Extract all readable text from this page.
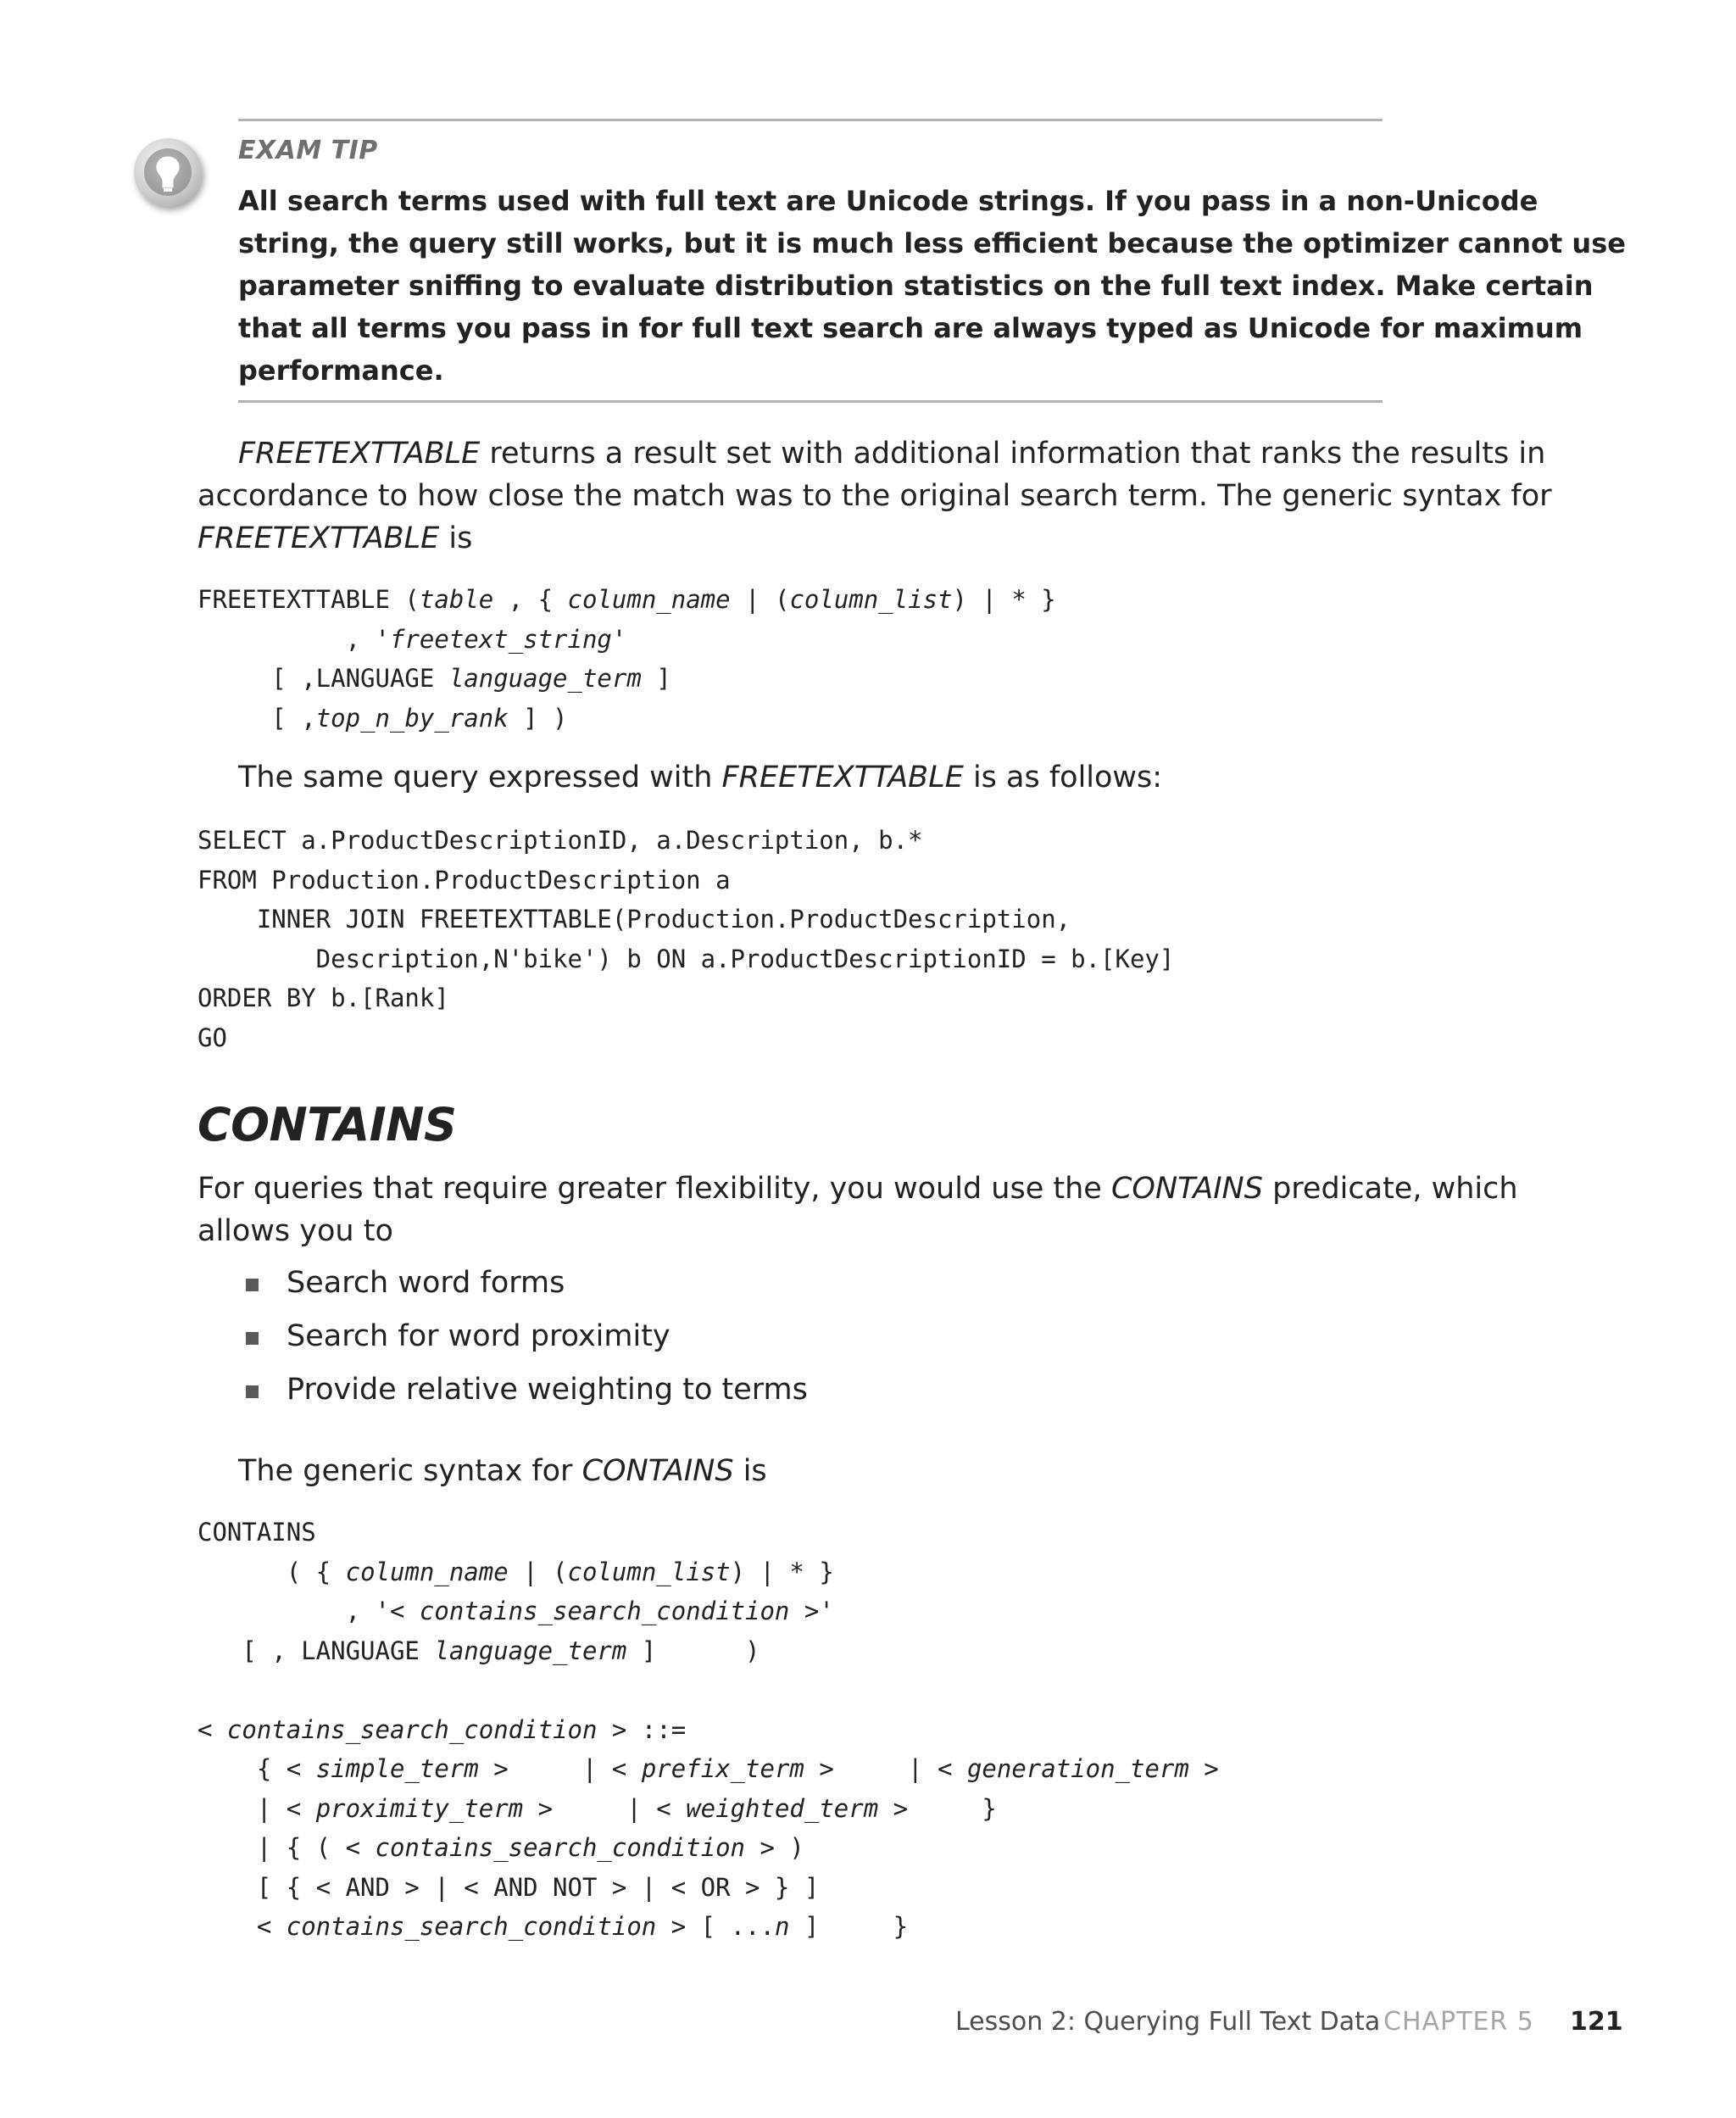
EXAM TIP
All search terms used with full text are Unicode strings. If you pass in a non-Unicode
string, the query still works, but it is much less efficient because the optimizer cannot use
parameter sniffing to evaluate distribution statistics on the full text index. Make certain
that all terms you pass in for full text search are always typed as Unicode for maximum
performance.
FREETEXTTABLE returns a result set with additional information that ranks the results in
accordance to how close the match was to the original search term. The generic syntax for
FREETEXTTABLE is
FREETEXTTABLE (table , { column_name | (column_list) | * }
, 'freetext_string'
[ ,LANGUAGE language_term ]
[ ,top_n_by_rank ] )
The same query expressed with FREETEXTTABLE is as follows:
SELECT a.ProductDescriptionID, a.Description, b.*
FROM Production.ProductDescription a
INNER JOIN FREETEXTTABLE(Production.ProductDescription,
Description,N'bike') b ON a.ProductDescriptionID = b.[Key]
ORDER BY b.[Rank]
GO
CONTAINS
For queries that require greater flexibility, you would use the CONTAINS predicate, which
allows you to
Search word forms
Search for word proximity
Provide relative weighting to terms
The generic syntax for CONTAINS is
CONTAINS
( { column_name | (column_list) | * }
, '< contains_search_condition >'
[ , LANGUAGE language_term ]      )

< contains_search_condition > ::=
{ < simple_term >     | < prefix_term >     | < generation_term >
| < proximity_term >     | < weighted_term >     }
| { ( < contains_search_condition > )
[ { < AND > | < AND NOT > | < OR > } ]
< contains_search_condition > [ ...n ]     }
Lesson 2: Querying Full Text Data CHAPTER 5 121
